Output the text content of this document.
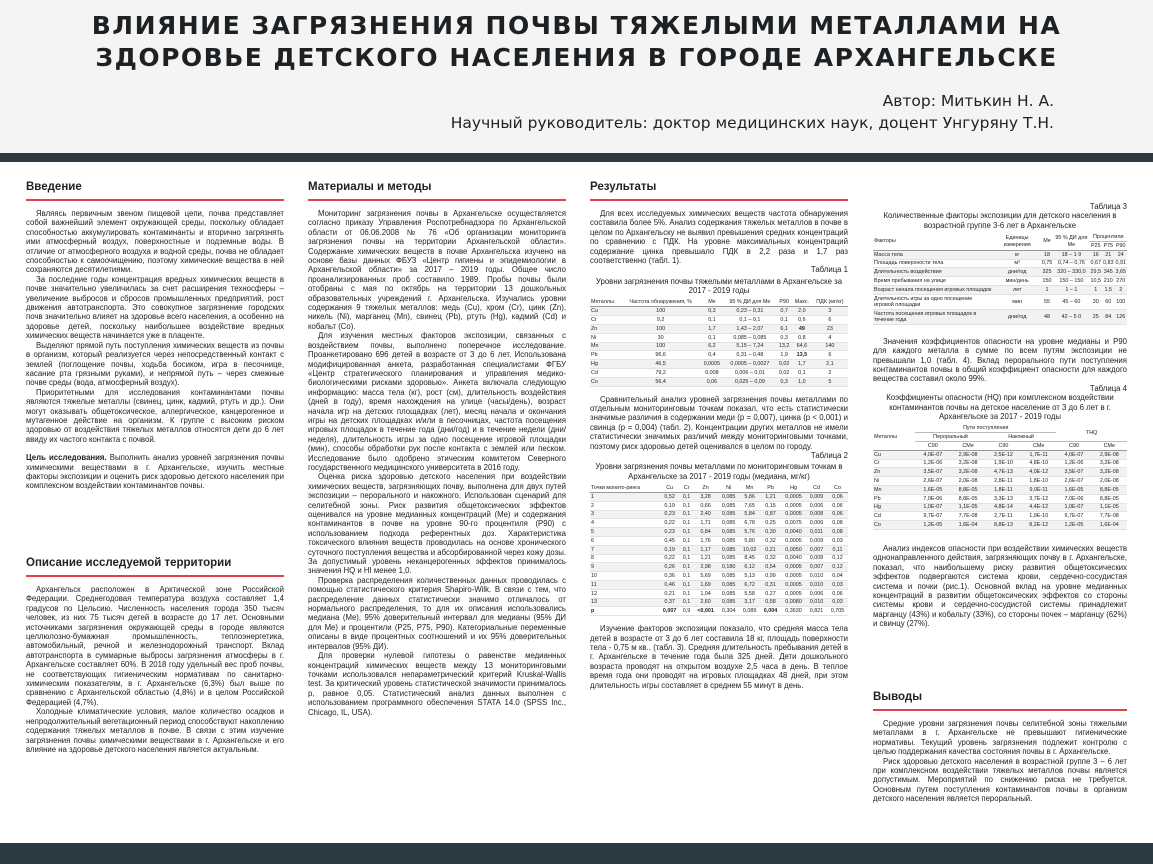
ВЛИЯНИЕ ЗАГРЯЗНЕНИЯ ПОЧВЫ ТЯЖЕЛЫМИ МЕТАЛЛАМИ НА
ЗДОРОВЬЕ ДЕТСКОГО НАСЕЛЕНИЯ В ГОРОДЕ АРХАНГЕЛЬСКЕ
Автор: Митькин Н. А.
Научный руководитель: доктор медицинских наук, доцент Унгуряну Т.Н.
Введение

Являясь первичным звеном пищевой цепи, почва представляет собой важнейший элемент окружающей среды, поскольку обладает способностью аккумулировать контаминанты и вторично загрязнять ими атмосферный воздух, поверхностные и подземные воды. В отличие от атмосферного воздуха и водной среды, почва не обладает способностью к самоочищению, поэтому химические вещества в ней сохраняются десятилетиями.

За последние годы концентрация вредных химических веществ в почве значительно увеличилась за счет расширения техносферы – увеличение выбросов и сбросов промышленных предприятий, рост движения автотранспорта. Это совокупное загрязнение городских почв значительно влияет на здоровье всего населения, а особенно на здоровье детей, поскольку наибольшее воздействие вредных химических веществ начинается уже в плаценте.

Выделяют прямой путь поступления химических веществ из почвы в организм, который реализуется через непосредственный контакт с землей (поглощение почвы, ходьба босиком, игра в песочнице, касание рта грязными руками), и непрямой путь – через смежные почве среды (вода, атмосферный воздух).

Приоритетными для исследования контаминантами почвы являются тяжелые металлы (свинец, цинк, кадмий, ртуть и др.). Они могут оказывать общетоксическое, аллергическое, канцерогенное и мутагенное действие на организм. К группе с высоким риском здоровью от воздействия тяжелых металлов относятся дети до 6 лет ввиду их частого контакта с почвой.

Цель исследования. Выполнить анализ уровней загрязнения почвы химическими веществами в г. Архангельске, изучить местные факторы экспозиции и оценить риск здоровью детского населения при комплексном воздействии контаминантов почвы.

Описание исследуемой территории

Архангельск расположен в Арктической зоне Российской Федерации. Среднегодовая температура воздуха составляет 1,4 градусов по Цельсию. Численность населения города 350 тысяч человек, из них 75 тысяч детей в возрасте до 17 лет. Основными источниками загрязнения окружающей среды в городе являются целлюлозно-бумажная промышленность, теплоэнергетика, автомобильный, речной и железнодорожный транспорт. Вклад автотранспорта в суммарные выбросы загрязнения атмосферы в г. Архангельске составляет 60%. В 2018 году удельный вес проб почвы, не соответствующих гигиеническим нормативам по санитарно-химическим показателям, в г. Архангельске (6,3%) был выше по сравнению с Архангельской областью (4,8%) и в целом Российской Федерацией (4,7%).

Холодные климатические условия, малое количество осадков и непродолжительный вегетационный период способствуют накоплению содержания тяжелых металлов в почве. В связи с этим изучение загрязнения почвы химическими веществами в г. Архангельске и его влияние на здоровье детского населения является актуальным.

Материалы и методы

Мониторинг загрязнения почвы в Архангельске осуществляется согласно приказу Управления Роспотребнадзора по Архангельской области от 06.06.2008 № 76 «Об организации мониторинга загрязнения почвы на территории Архангельской области». Содержание химических веществ в почве Архангельска изучено на основе базы данных ФБУЗ «Центр гигиены и эпидемиологии в Архангельской области» за 2017 – 2019 годы. Общее число проанализированных проб составило 1989. Пробы почвы были отобраны с мая по октябрь на территории 13 дошкольных образовательных учреждений г. Архангельска. Изучались уровни содержания 9 тяжелых металлов: медь (Cu), хром (Cr), цинк (Zn), никель (Ni), марганец (Mn), свинец (Pb), ртуть (Hg), кадмий (Cd) и кобальт (Co).

Для изучения местных факторов экспозиции, связанных с воздействием почвы, выполнено поперечное исследование. Проанкетировано 696 детей в возрасте от 3 до 6 лет. Использована модифицированная анкета, разработанная специалистами ФГБУ «Центр стратегического планирования и управления медико-биологическими рисками здоровью». Анкета включала следующую информацию: масса тела (кг), рост (см), длительность воздействия (дней в году), время нахождения на улице (часы/день), возраст начала игр на детских площадках (лет), месяц начала и окончания игры на детских площадках и/или в песочницах, частота посещения игровых площадок в течение года (дни/год) и в течение недели (дни/неделя), длительность игры за одно посещение игровой площадки (мин), способы обработки рук после контакта с землей или песком. Исследование было одобрено этическим комитетом Северного государственного медицинского университета в 2016 году.

Оценка риска здоровью детского населения при воздействии химических веществ, загрязняющих почву, выполнена для двух путей экспозиции – перорального и накожного. Использован сценарий для селитебной зоны. Риск развития общетоксических эффектов оценивался на уровне медианных концентраций (Me) и содержания контаминантов в почве на уровне 90-го процентиля (P90) с использованием подхода референтных доз. Характеристика токсического влияния веществ проводилась на основе хронического суточного поступления вещества и абсорбированной через кожу дозы. За допустимый уровень неканцерогенных эффектов принималось значения HQ и HI менее 1,0.

Проверка распределения количественных данных проводилась с помощью статистического критерия Shapiro-Wilk. В связи с тем, что распределение данных статистически значимо отличалось от нормального распределения, то для их описания использовались медиана (Me), 95% доверительный интервал для медианы (95% ДИ для Me) и процентили (P25, P75, P90). Категориальные переменные описаны в виде процентных соотношений и их 95% доверительных интервалов (95% ДИ).

Для проверки нулевой гипотезы о равенстве медианных концентраций химических веществ между 13 мониторинговыми точками использовался непараметрический критерий Kruskal-Wallis test. За критический уровень статистической значимости принималось p, равное 0,05. Статистический анализ данных выполнен с использованием программного обеспечения STATA 14.0 (SPSS Inc., Chicago, IL, USA).

Результаты

Для всех исследуемых химических веществ частота обнаружения составила более 5%. Анализ содержания тяжелых металлов в почве в целом по Архангельску не выявил превышения средних концентраций по сравнению с ПДК. На уровне максимальных концентраций содержание цинка превышало ПДК в 2,2 раза и 1,7 раз соответственно (табл. 1).

Таблица 1
Уровни загрязнения почвы тяжелыми металлами в Архангельске за 2017 - 2019 годы
Металлы	Частота обнаружения, %	Me	95 % ДИ для Me	P90	Макс.	ПДК (мг/кг)
Cu	100	0,3	0,23 – 0,31	0,7	2,0	3
Cr	9,2	0,1	0,1 – 0,1	0,1	0,6	6
Zn	100	1,7	1,43 – 2,07	6,1	49	23
Ni	30	0,1	0,085 – 0,085	0,3	0,8	4
Mn	100	6,2	5,15 – 7,24	13,2	64,6	140
Pb	96,6	0,4	0,31 – 0,48	1,9	13,5	6
Hg	46,5	0,0005	0,0005 – 0,0027	0,02	1,7	2,1
Cd	79,2	0,008	0,006 – 0,01	0,02	0,1	2
Co	56,4	0,06	0,025 – 0,09	0,3	1,0	5

Сравнительный анализ уровней загрязнения почвы металлами по отдельным мониторинговым точкам показал, что есть статистически значимые различия в содержании меди (p = 0,007), цинка (p < 0,001) и свинца (p = 0,004) (табл. 2). Концентрации других металлов не имели статистически значимых различий между мониторинговыми точками, поэтому риск здоровью детей оценивался в целом по городу.

Таблица 2
Уровни загрязнения почвы металлами по мониторинговым точкам в Архангельске за 2017 - 2019 годы (медиана, мг/кг)
Точки монито-ринга	Cu	Cr	Zn	Ni	Mn	Pb	Hg	Cd	Co
1	0,52	0,1	3,28	0,085	5,86	1,21	0,0005	0,009	0,06
2	0,19	0,1	0,66	0,085	7,65	0,15	0,0005	0,006	0,06
3	0,23	0,1	2,40	0,085	5,84	0,87	0,0005	0,008	0,06
4	0,22	0,1	1,71	0,085	6,78	0,25	0,0075	0,006	0,08
5	0,23	0,1	0,84	0,085	5,76	0,30	0,0040	0,011	0,08
6	0,45	0,1	1,76	0,085	5,80	0,32	0,0005	0,009	0,03
7	0,19	0,1	1,17	0,085	10,02	0,21	0,0050	0,007	0,11
8	0,22	0,1	1,21	0,085	8,45	0,32	0,0040	0,008	0,12
9	0,26	0,1	2,98	0,180	6,12	0,54	0,0005	0,007	0,12
10	0,36	0,1	5,69	0,085	5,13	0,99	0,0005	0,010	0,04
11	0,46	0,1	1,69	0,085	6,72	0,31	0,0005	0,010	0,03
12	0,21	0,1	1,04	0,085	5,58	0,27	0,0005	0,006	0,06
13	0,37	0,1	2,60	0,085	3,17	0,58	0,0080	0,010	0,03
p	0,007	0,9	<0,001	0,304	0,089	0,004	0,3630	0,821	0,705

Изучение факторов экспозиции показало, что средняя масса тела детей в возрасте от 3 до 6 лет составила 18 кг, площадь поверхности тела - 0,75 м кв.. (табл. 3). Средняя длительность пребывания детей в г. Архангельске в течение года была 325 дней. Дети дошкольного возраста проводят на открытом воздухе 2,5 часа в день. В теплое время года они проводят на игровых площадках 48 дней, при этом длительность игры составляет в среднем 55 минут в день.

Таблица 3
Количественные факторы экспозиции для детского населения в возрастной группе 3-6 лет в Архангельске
Факторы	Единицы измерения	Me	95 % ДИ для Me	Процентили		
				P25	P75	P90
Масса тела	кг	18	18 – 1 9	16	21	24
Площадь поверхности тела	м²	0,75	0,74 – 0,76	0,67	0,83	0,91
Длительность воздействия	дни/год	325	320 – 330,0	29,5	345	3,65
Время пребывания на улице	мин/день	150	150 – 150	10,5	210	270
Возраст начала посещения игровых площадок	лет	1	1 – 1	1	1,5	2
Длительность игры за одно посещение игровой площадки	мин	55	45 – 60	30	60	100
Частота посещения игровых площадок в течение года	дни/год	48	42 – 5 0	25	84	126

Значения коэффициентов опасности на уровне медианы и P90 для каждого металла в сумме по всем путям экспозиции не превышали 1,0 (табл. 4). Вклад перорального пути поступления контаминантов почвы в общий коэффициент опасности для каждого вещества составил около 99%.

Таблица 4
Коэффициенты опасности (HQ) при комплексном воздействии контаминантов почвы на детское население от 3 до 6 лет в г. Архангельске за 2017 - 2019 годы
Металлы	Пути поступления				THQ	
	Пероральный		Накожный			
	C90	CMe	C90	CMe	C90	CMe
Cu	4,0Е-07	2,9Е-08	2,5Е-12	1,7Е-11	4,0Е-07	2,9Е-08
Cr	1,2Е-06	3,2Е-08	1,9Е-10	4,8Е-10	1,2Е-06	3,2Е-08
Zn	3,5Е-07	3,2Е-08	4,7Е-13	4,0Е-12	3,5Е-07	3,2Е-08
Ni	2,6Е-07	2,0Е-08	2,8Е-11	1,8Е-10	2,6Е-07	2,0Е-08
Mn	1,6Е-05	8,8Е-05	1,8Е-11	9,0Е-11	1,6Е-05	8,8Е-05
Pb	7,0Е-06	8,8Е-05	3,3Е-13	3,7Е-12	7,0Е-06	8,8Е-05
Hg	1,0Е-07	1,1Е-05	4,8Е-14	4,4Е-12	1,0Е-07	1,1Е-05
Cd	9,7Е-07	7,7Е-08	2,7Е-11	1,9Е-10	9,7Е-07	7,7Е-08
Co	1,2Е-05	1,6Е-04	8,8Е-13	8,2Е-12	1,2Е-05	1,6Е-04

Анализ индексов опасности при воздействии химических веществ однонаправленного действия, загрязняющих почву в г. Архангельске, показал, что наибольшему риску развития общетоксических эффектов подвергаются система крови, сердечно-сосудистая система и почки (рис.1). Основной вклад на уровне медианных концентраций в развитии общетоксических эффектов со стороны системы крови и сердечно-сосудистой системы принадлежит марганцу (43%) и кобальту (33%), со стороны почек – марганцу (62%) и свинцу (27%).

Выводы

Средние уровни загрязнения почвы селитебной зоны тяжелыми металлами в г. Архангельске не превышают гигиенические нормативы. Текущий уровень загрязнения подлежит контролю с целью поддержания качества состояния почвы в г. Архангельске.

Риск здоровью детского населения в возрастной группе 3 – 6 лет при комплексном воздействии тяжелых металлов почвы является допустимым. Мероприятий по снижению риска не требуется. Основным путем поступления контаминантов почвы в организм детского населения является пероральный.
